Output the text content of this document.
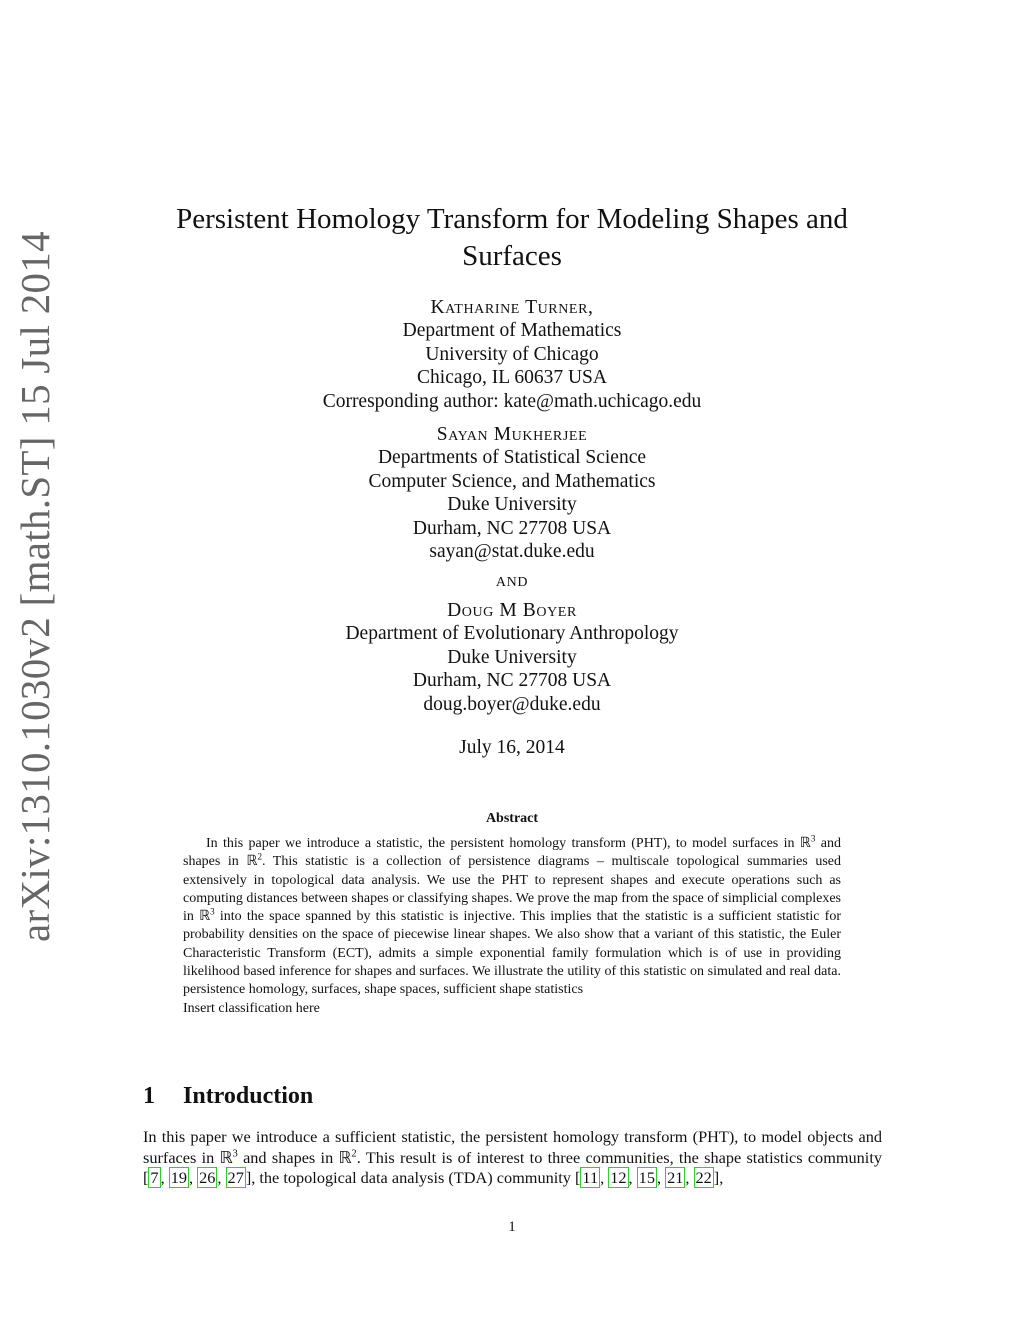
arXiv:1310.1030v2 [math.ST] 15 Jul 2014
Persistent Homology Transform for Modeling Shapes and
Surfaces
Katharine Turner,
Department of Mathematics
University of Chicago
Chicago, IL 60637 USA
Corresponding author: kate@math.uchicago.edu
Sayan Mukherjee
Departments of Statistical Science
Computer Science, and Mathematics
Duke University
Durham, NC 27708 USA
sayan@stat.duke.edu
and
Doug M Boyer
Department of Evolutionary Anthropology
Duke University
Durham, NC 27708 USA
doug.boyer@duke.edu
July 16, 2014
Abstract

In this paper we introduce a statistic, the persistent homology transform (PHT), to model surfaces in ℝ$^3$ and shapes in ℝ$^2$. This statistic is a collection of persistence diagrams – multiscale topological summaries used extensively in topological data analysis. We use the PHT to represent shapes and execute operations such as computing distances between shapes or classifying shapes. We prove the map from the space of simplicial complexes in ℝ$^3$ into the space spanned by this statistic is injective. This implies that the statistic is a sufficient statistic for probability densities on the space of piecewise linear shapes. We also show that a variant of this statistic, the Euler Characteristic Transform (ECT), admits a simple exponential family formulation which is of use in providing likelihood based inference for shapes and surfaces. We illustrate the utility of this statistic on simulated and real data. persistence homology, surfaces, shape spaces, sufficient shape statistics

Insert classification here

1 Introduction

In this paper we introduce a sufficient statistic, the persistent homology transform (PHT), to model objects and surfaces in ℝ$^3$ and shapes in ℝ$^2$. This result is of interest to three communities, the shape statistics community [ 7 , 19 , 26 , 27 ], the topological data analysis (TDA) community [ 11 , 12 , 15 , 21 , 22 ],

1
